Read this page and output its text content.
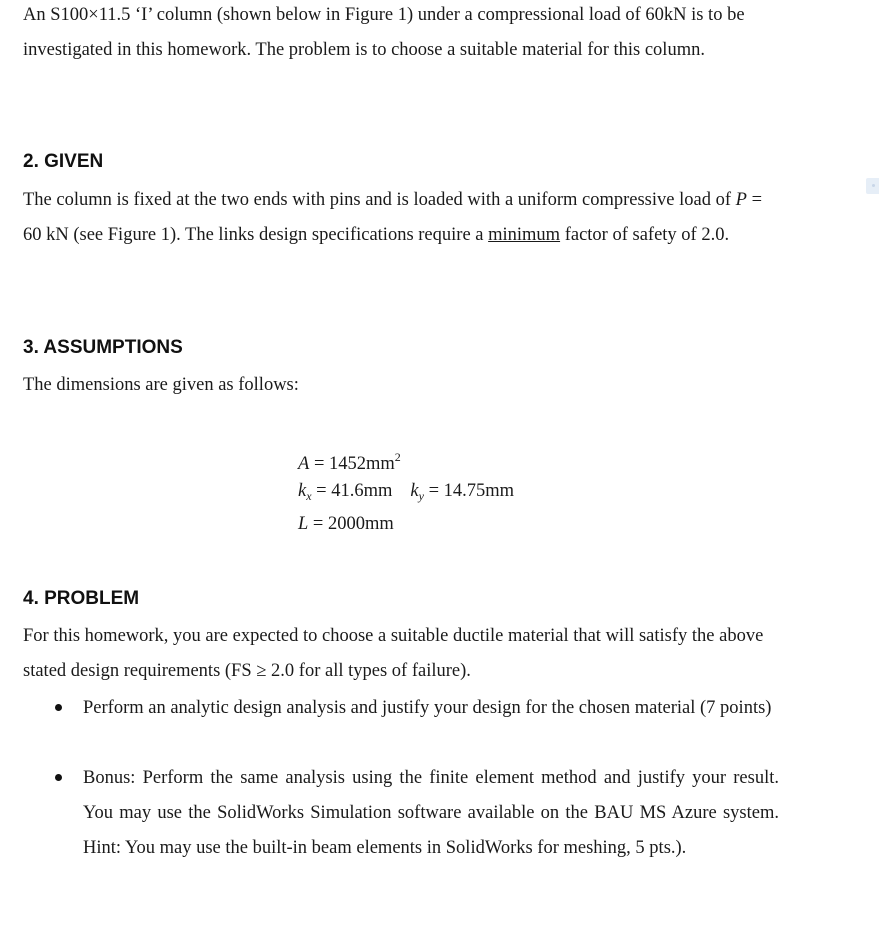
An S100×11.5 ‘I’ column (shown below in Figure 1) under a compressional load of 60kN is to be investigated in this homework. The problem is to choose a suitable material for this column.

2. GIVEN

The column is fixed at the two ends with pins and is loaded with a uniform compressive load of P = 60 kN (see Figure 1). The links design specifications require a minimum factor of safety of 2.0.

3. ASSUMPTIONS

The dimensions are given as follows:

$A = 1452mm^2$
$k_x = 41.6mm$ $k_y = 14.75mm$
L = 2000mm
4. PROBLEM

For this homework, you are expected to choose a suitable ductile material that will satisfy the above stated design requirements (FS ≥ 2.0 for all types of failure).

Perform an analytic design analysis and justify your design for the chosen material (7 points)

Bonus: Perform the same analysis using the finite element method and justify your result. You may use the SolidWorks Simulation software available on the BAU MS Azure system. Hint: You may use the built-in beam elements in SolidWorks for meshing, 5 pts.).
